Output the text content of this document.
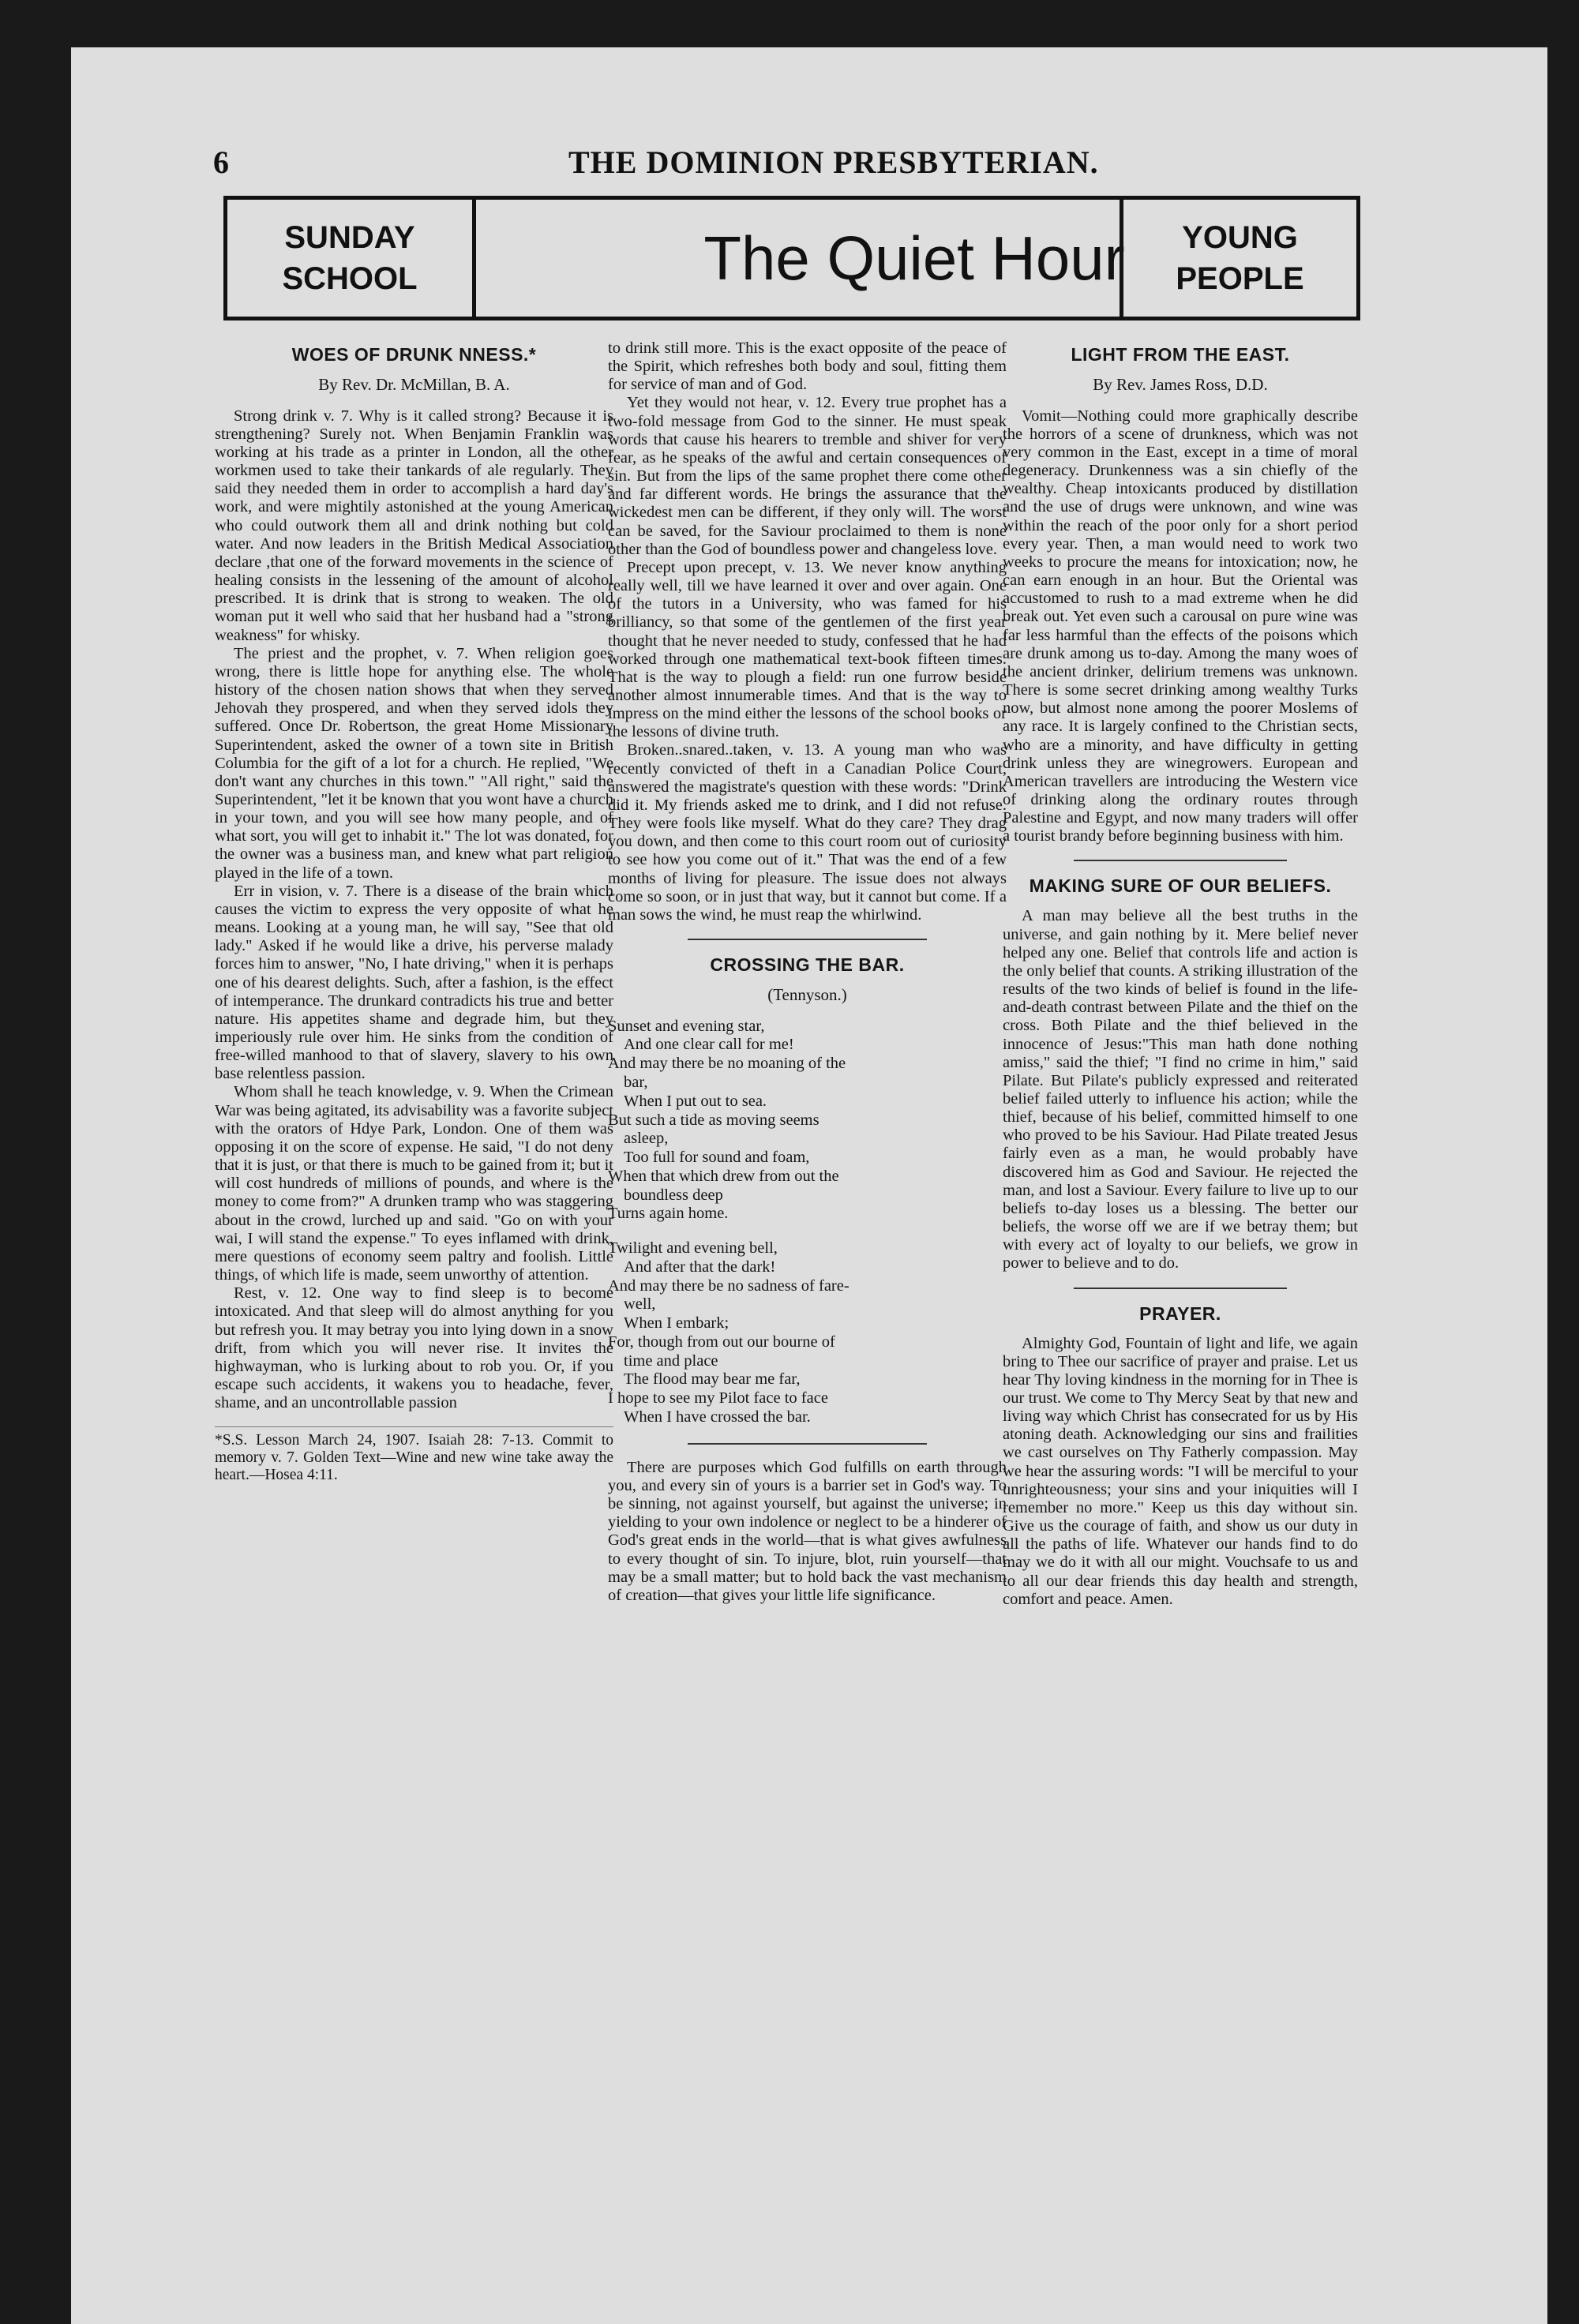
6	THE DOMINION PRESBYTERIAN.
SUNDAY
SCHOOL	The Quiet Hour	YOUNG
PEOPLE
WOES OF DRUNK NNESS.*
By Rev. Dr. McMillan, B. A.

Strong drink v. 7. Why is it called strong? Because it is strengthening? Surely not. When Benjamin Franklin was working at his trade as a printer in London, all the other workmen used to take their tankards of ale regularly. They said they needed them in order to accomplish a hard day's work, and were mightily astonished at the young American who could outwork them all and drink nothing but cold water. And now leaders in the British Medical Association declare ,that one of the forward movements in the science of healing consists in the lessening of the amount of alcohol prescribed. It is drink that is strong to weaken. The old woman put it well who said that her husband had a "strong weakness" for whisky.

The priest and the prophet, v. 7. When religion goes wrong, there is little hope for anything else. The whole history of the chosen nation shows that when they served Jehovah they prospered, and when they served idols they suffered. Once Dr. Robertson, the great Home Missionary Superintendent, asked the owner of a town site in British Columbia for the gift of a lot for a church. He replied, "We don't want any churches in this town." "All right," said the Superintendent, "let it be known that you wont have a church in your town, and you will see how many people, and of what sort, you will get to inhabit it." The lot was donated, for the owner was a business man, and knew what part religion played in the life of a town.

Err in vision, v. 7. There is a disease of the brain which causes the victim to express the very opposite of what he means. Looking at a young man, he will say, "See that old lady." Asked if he would like a drive, his perverse malady forces him to answer, "No, I hate driving," when it is perhaps one of his dearest delights. Such, after a fashion, is the effect of intemperance. The drunkard contradicts his true and better nature. His appetites shame and degrade him, but they imperiously rule over him. He sinks from the condition of free-willed manhood to that of slavery, slavery to his own base relentless passion.

Whom shall he teach knowledge, v. 9. When the Crimean War was being agitated, its advisability was a favorite subject with the orators of Hdye Park, London. One of them was opposing it on the score of expense. He said, "I do not deny that it is just, or that there is much to be gained from it; but it will cost hundreds of millions of pounds, and where is the money to come from?" A drunken tramp who was staggering about in the crowd, lurched up and said. "Go on with your wai, I will stand the expense." To eyes inflamed with drink, mere questions of economy seem paltry and foolish. Little things, of which life is made, seem unworthy of attention.

Rest, v. 12. One way to find sleep is to become intoxicated. And that sleep will do almost anything for you but refresh you. It may betray you into lying down in a snow drift, from which you will never rise. It invites the highwayman, who is lurking about to rob you. Or, if you escape such accidents, it wakens you to headache, fever, shame, and an uncontrollable passion

*S.S. Lesson March 24, 1907. Isaiah 28: 7-13. Commit to memory v. 7. Golden Text—Wine and new wine take away the heart.—Hosea 4:11.

to drink still more. This is the exact opposite of the peace of the Spirit, which refreshes both body and soul, fitting them for service of man and of God.

Yet they would not hear, v. 12. Every true prophet has a two-fold message from God to the sinner. He must speak words that cause his hearers to tremble and shiver for very fear, as he speaks of the awful and certain consequences of sin. But from the lips of the same prophet there come other and far different words. He brings the assurance that the wickedest men can be different, if they only will. The worst can be saved, for the Saviour proclaimed to them is none other than the God of boundless power and changeless love.

Precept upon precept, v. 13. We never know anything really well, till we have learned it over and over again. One of the tutors in a University, who was famed for his brilliancy, so that some of the gentlemen of the first year thought that he never needed to study, confessed that he had worked through one mathematical text-book fifteen times. That is the way to plough a field: run one furrow beside another almost innumerable times. And that is the way to impress on the mind either the lessons of the school books or the lessons of divine truth.

Broken..snared..taken, v. 13. A young man who was recently convicted of theft in a Canadian Police Court, answered the magistrate's question with these words: "Drink did it. My friends asked me to drink, and I did not refuse. They were fools like myself. What do they care? They drag you down, and then come to this court room out of curiosity to see how you come out of it." That was the end of a few months of living for pleasure. The issue does not always come so soon, or in just that way, but it cannot but come. If a man sows the wind, he must reap the whirlwind.

CROSSING THE BAR.
(Tennyson.)
Sunset and evening star,
And one clear call for me!
And may there be no moaning of the
bar,
When I put out to sea.
But such a tide as moving seems
asleep,
Too full for sound and foam,
When that which drew from out the
boundless deep
Turns again home.
Twilight and evening bell,
And after that the dark!
And may there be no sadness of fare-
well,
When I embark;
For, though from out our bourne of
time and place
The flood may bear me far,
I hope to see my Pilot face to face
When I have crossed the bar.

There are purposes which God fulfills on earth through you, and every sin of yours is a barrier set in God's way. To be sinning, not against yourself, but against the universe; in yielding to your own indolence or neglect to be a hinderer of God's great ends in the world—that is what gives awfulness to every thought of sin. To injure, blot, ruin yourself—that may be a small matter; but to hold back the vast mechanism of creation—that gives your little life significance.

LIGHT FROM THE EAST.
By Rev. James Ross, D.D.

Vomit—Nothing could more graphically describe the horrors of a scene of drunkness, which was not very common in the East, except in a time of moral degeneracy. Drunkenness was a sin chiefly of the wealthy. Cheap intoxicants produced by distillation and the use of drugs were unknown, and wine was within the reach of the poor only for a short period every year. Then, a man would need to work two weeks to procure the means for intoxication; now, he can earn enough in an hour. But the Oriental was accustomed to rush to a mad extreme when he did break out. Yet even such a carousal on pure wine was far less harmful than the effects of the poisons which are drunk among us to-day. Among the many woes of the ancient drinker, delirium tremens was unknown. There is some secret drinking among wealthy Turks now, but almost none among the poorer Moslems of any race. It is largely confined to the Christian sects, who are a minority, and have difficulty in getting drink unless they are winegrowers. European and American travellers are introducing the Western vice of drinking along the ordinary routes through Palestine and Egypt, and now many traders will offer a tourist brandy before beginning business with him.

MAKING SURE OF OUR BELIEFS.

A man may believe all the best truths in the universe, and gain nothing by it. Mere belief never helped any one. Belief that controls life and action is the only belief that counts. A striking illustration of the results of the two kinds of belief is found in the life-and-death contrast between Pilate and the thief on the cross. Both Pilate and the thief believed in the innocence of Jesus:"This man hath done nothing amiss," said the thief; "I find no crime in him," said Pilate. But Pilate's publicly expressed and reiterated belief failed utterly to influence his action; while the thief, because of his belief, committed himself to one who proved to be his Saviour. Had Pilate treated Jesus fairly even as a man, he would probably have discovered him as God and Saviour. He rejected the man, and lost a Saviour. Every failure to live up to our beliefs to-day loses us a blessing. The better our beliefs, the worse off we are if we betray them; but with every act of loyalty to our beliefs, we grow in power to believe and to do.

PRAYER.

Almighty God, Fountain of light and life, we again bring to Thee our sacrifice of prayer and praise. Let us hear Thy loving kindness in the morning for in Thee is our trust. We come to Thy Mercy Seat by that new and living way which Christ has consecrated for us by His atoning death. Acknowledging our sins and frailities we cast ourselves on Thy Fatherly compassion. May we hear the assuring words: "I will be merciful to your unrighteousness; your sins and your iniquities will I remember no more." Keep us this day without sin. Give us the courage of faith, and show us our duty in all the paths of life. Whatever our hands find to do may we do it with all our might. Vouchsafe to us and to all our dear friends this day health and strength, comfort and peace. Amen.
